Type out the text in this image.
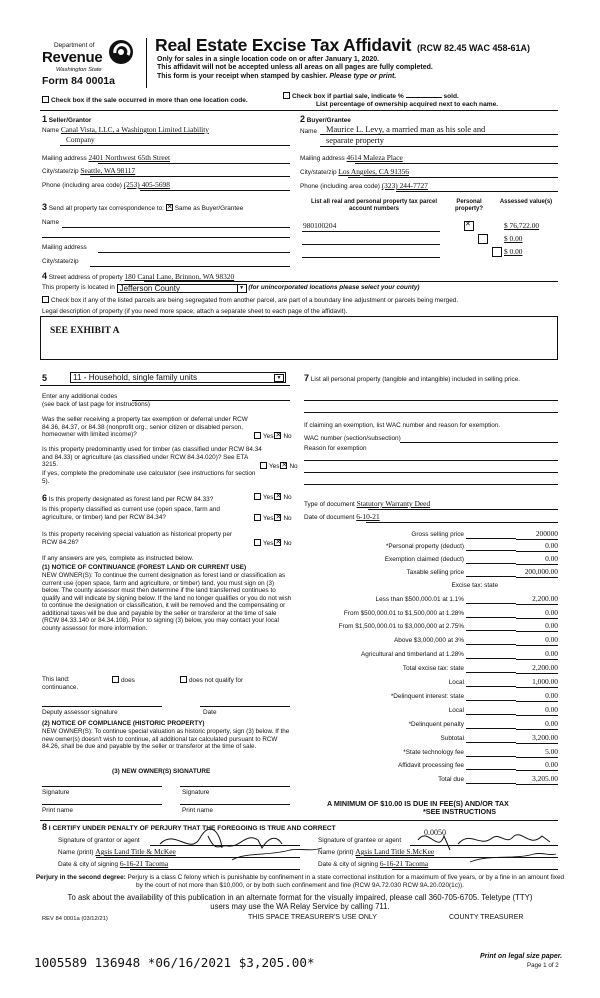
Department of
Revenue
Washington State
Form 84 0001a
Real Estate Excise Tax Affidavit (RCW 82.45 WAC 458-61A)
Only for sales in a single location code on or after January 1, 2020.
This affidavit will not be accepted unless all areas on all pages are fully completed.
This form is your receipt when stamped by cashier. Please type or print.
Check box if the sale occurred in more than one location code.
Check box if partial sale, indicate %	sold.
List percentage of ownership acquired next to each name.
1 Seller/Grantor
Name Canal Vista, LLC, a Washington Limited Liability
Company
Mailing address 2401 Northwest 65th Street
City/state/zip Seattle, WA 98117
Phone (including area code) (253) 405-5698
2 Buyer/Grantee
Name Maurice L. Levy, a married man as his sole and
separate property
Mailing address 4614 Maleza Place
City/state/zip Los Angeles, CA 91356
Phone (including area code) (323) 244-7727
3 Send all property tax correspondence to: ✕ Same as Buyer/Grantee
Name
Mailing address
City/state/zip
List all real and personal property tax parcel account numbers
Personal property?
Assessed value(s)
980100204 ✕	$ 76,722.00
$ 0.00
$ 0.00
4 Street address of property 180 Canal Lane, Brinnon, WA 98320
This property is located in Jefferson County	▼ (for unincorporated locations please select your county)
Check box if any of the listed parcels are being segregated from another parcel, are part of a boundary line adjustment or parcels being merged.
Legal description of property (if you need more space, attach a separate sheet to each page of the affidavit).
SEE EXHIBIT A
5	11 - Household, single family units	▼
Enter any additional codes
(see back of last page for instructions)
Was the seller receiving a property tax exemption or deferral under RCW 84.36, 84.37, or 84.38 (nonprofit org., senior citizen or disabled person, homeowner with limited income)?	Yes ✕ No
Is this property predominantly used for timber (as classified under RCW 84.34 and 84.33) or agriculture (as classified under RCW 84.34.020)? See ETA 3215.	Yes ✕ No
If yes, complete the predominate use calculator (see instructions for section 5).
6 Is this property designated as forest land per RCW 84.33?	Yes ✕ No
Is this property classified as current use (open space, farm and agriculture, or timber) land per RCW 84.34?	Yes ✕ No
Is this property receiving special valuation as historical property per RCW 84.26?	Yes ✕ No
If any answers are yes, complete as instructed below.
(1) NOTICE OF CONTINUANCE (FOREST LAND OR CURRENT USE)
NEW OWNER(S): To continue the current designation as forest land or classification as current use (open space, farm and agriculture, or timber) land, you must sign on (3) below. The county assessor must then determine if the land transferred continues to qualify and will indicate by signing below. If the land no longer qualifies or you do not wish to continue the designation or classification, it will be removed and the compensating or additional taxes will be due and payable by the seller or transferor at the time of sale (RCW 84.33.140 or 84.34.108). Prior to signing (3) below, you may contact your local county assessor for more information.
This land:
continuance.
does	does not qualify for
Deputy assessor signature	Date
(2) NOTICE OF COMPLIANCE (HISTORIC PROPERTY)
NEW OWNER(S): To continue special valuation as historic property, sign (3) below. If the new owner(s) doesn't wish to continue, all additional tax calculated pursuant to RCW 84.26, shall be due and payable by the seller or transferor at the time of sale.
(3) NEW OWNER(S) SIGNATURE
Signature	Signature
Print name	Print name
7 List all personal property (tangible and intangible) included in selling price.
If claiming an exemption, list WAC number and reason for exemption.
WAC number (section/subsection)
Reason for exemption
Type of document Statutory Warranty Deed
Date of document 6-10-21
Gross selling price	200000
*Personal property (deduct)	0.00
Exemption claimed (deduct)	0.00
Taxable selling price	200,000.00
Excise tax: state
Less than $500,000.01 at 1.1%	2,200.00
From $500,000.01 to $1,500,000 at 1.28%	0.00
From $1,500,000.01 to $3,000,000 at 2.75%	0.00
Above $3,000,000 at 3%	0.00
Agricultural and timberland at 1.28%	0.00
Total excise tax: state	2,200.00
Local	1,000.00
*Delinquent interest: state	0.00
Local	0.00
*Delinquent penalty	0.00
Subtotal	3,200.00
*State technology fee	5.00
Affidavit processing fee	0.00
Total due	3,205.00
0.0050
A MINIMUM OF $10.00 IS DUE IN FEE(S) AND/OR TAX
*SEE INSTRUCTIONS
8 I CERTIFY UNDER PENALTY OF PERJURY THAT THE FOREGOING IS TRUE AND CORRECT
Signature of grantor or agent
Name (print) Agsis Land Title & McKee
Date & city of signing 6-16-21 Tacoma
Signature of grantee or agent
Name (print) Agsis Land Title S.McKee
Date & city of signing 6-16-21 Tacoma
Perjury in the second degree: Perjury is a class C felony which is punishable by confinement in a state correctional institution for a maximum of five years, or by a fine in an amount fixed by the court of not more than $10,000, or by both such confinement and fine (RCW 9A.72.030 RCW 9A.20.020(1c)).
To ask about the availability of this publication in an alternate format for the visually impaired, please call 360-705-6705. Teletype (TTY) users may use the WA Relay Service by calling 711.
REV 84 0001a (03/12/21)	THIS SPACE TREASURER'S USE ONLY	COUNTY TREASURER
1005589 136948 *06/16/2021 $3,205.00*	Print on legal size paper.
Page 1 of 2
